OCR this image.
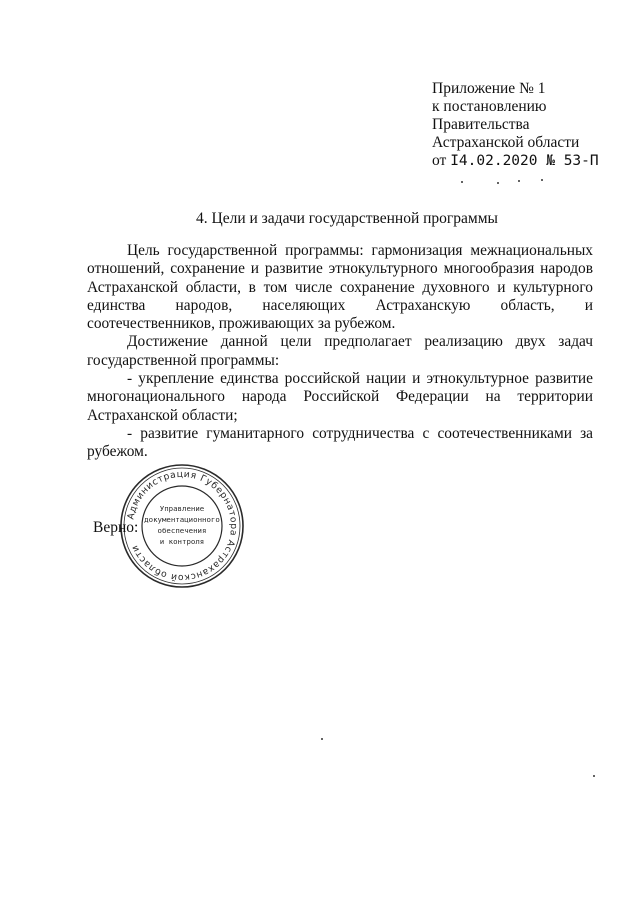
Приложение № 1
к постановлению
Правительства
Астраханской области
от I4.02.2020 № 53-П
4. Цели и задачи государственной программы

Цель государственной программы: гармонизация межнациональных отношений, сохранение и развитие этнокультурного многообразия народов Астраханской области, в том числе сохранение духовного и культурного единства народов, населяющих Астраханскую область, и соотечественников, проживающих за рубежом.

Достижение данной цели предполагает реализацию двух задач государственной программы:

- укрепление единства российской нации и этнокультурное развитие многонационального народа Российской Федерации на территории Астраханской области;

- развитие гуманитарного сотрудничества с соотечественниками за рубежом.

Администрация Губернатора Астраханской области
Управление
документационного
обеспечения
и контроля
Верно:
